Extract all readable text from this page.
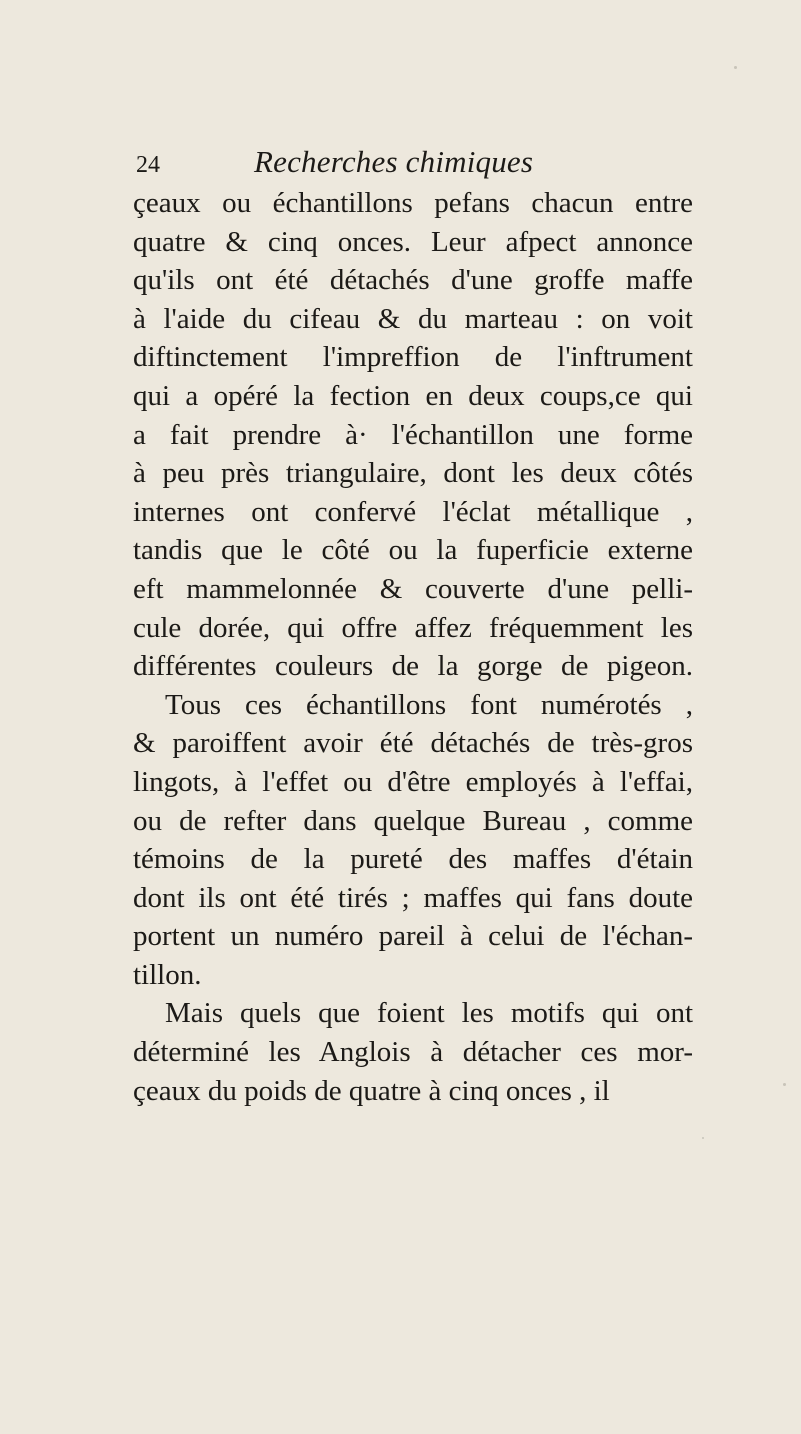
24	Recherches chimiques
çeaux ou échantillons pefans chacun entre
quatre & cinq onces. Leur afpect annonce
qu'ils ont été détachés d'une groffe maffe
à l'aide du cifeau & du marteau : on voit
diftinctement l'impreffion de l'inftrument
qui a opéré la fection en deux coups,ce qui
a fait prendre à· l'échantillon une forme
à peu près triangulaire, dont les deux côtés
internes ont confervé l'éclat métallique ,
tandis que le côté ou la fuperficie externe
eft mammelonnée & couverte d'une pelli-
cule dorée, qui offre affez fréquemment les
différentes couleurs de la gorge de pigeon.
Tous ces échantillons font numérotés ,
& paroiffent avoir été détachés de très-gros
lingots, à l'effet ou d'être employés à l'effai,
ou de refter dans quelque Bureau , comme
témoins de la pureté des maffes d'étain
dont ils ont été tirés ; maffes qui fans doute
portent un numéro pareil à celui de l'échan-
tillon.
Mais quels que foient les motifs qui ont
déterminé les Anglois à détacher ces mor-
çeaux du poids de quatre à cinq onces , il
